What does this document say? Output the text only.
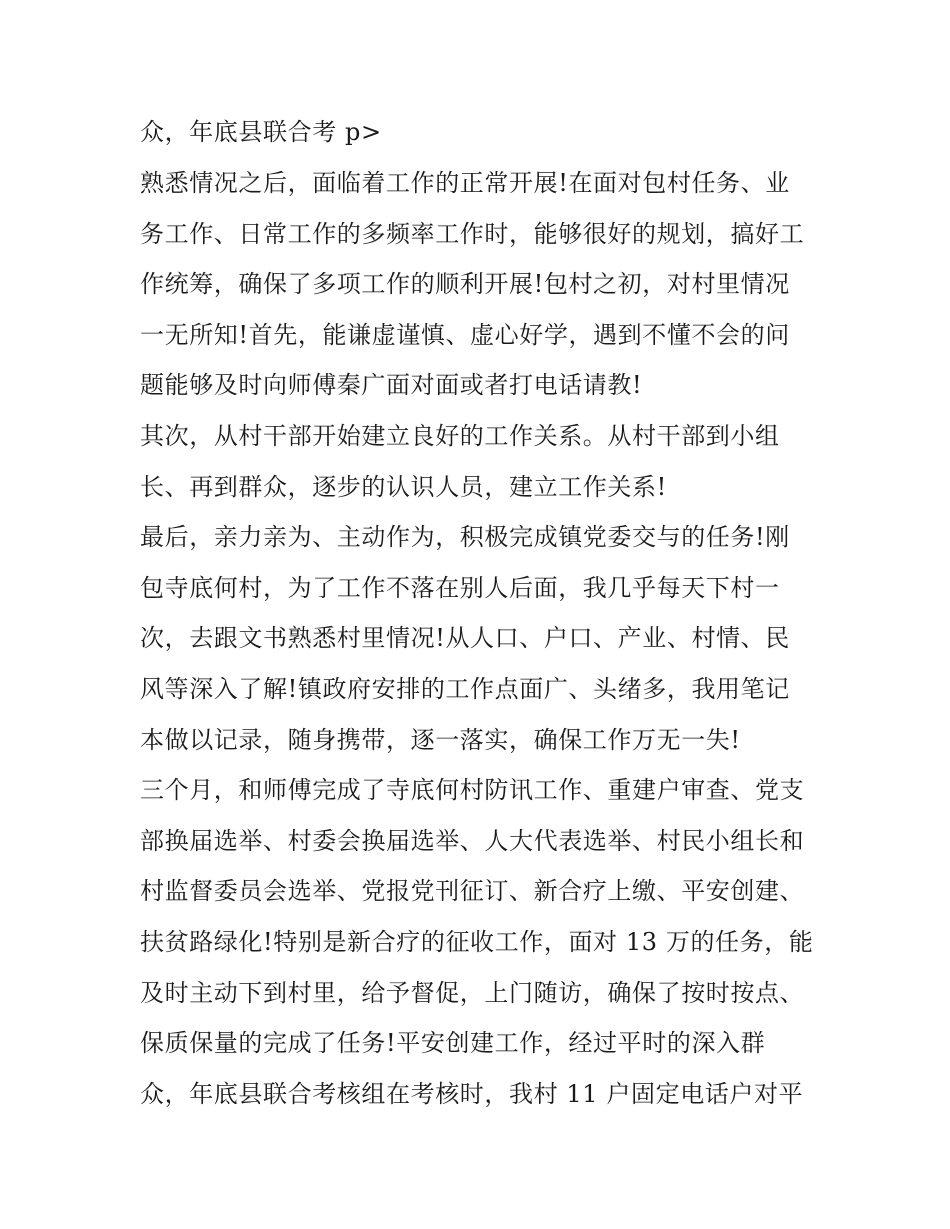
众，年底县联合考 p>
熟悉情况之后，面临着工作的正常开展!在面对包村任务、业
务工作、日常工作的多频率工作时，能够很好的规划，搞好工
作统筹，确保了多项工作的顺利开展!包村之初，对村里情况
一无所知!首先，能谦虚谨慎、虚心好学，遇到不懂不会的问
题能够及时向师傅秦广面对面或者打电话请教!
其次，从村干部开始建立良好的工作关系。从村干部到小组
长、再到群众，逐步的认识人员，建立工作关系!
最后，亲力亲为、主动作为，积极完成镇党委交与的任务!刚
包寺底何村，为了工作不落在别人后面，我几乎每天下村一
次，去跟文书熟悉村里情况!从人口、户口、产业、村情、民
风等深入了解!镇政府安排的工作点面广、头绪多，我用笔记
本做以记录，随身携带，逐一落实，确保工作万无一失!
三个月，和师傅完成了寺底何村防讯工作、重建户审查、党支
部换届选举、村委会换届选举、人大代表选举、村民小组长和
村监督委员会选举、党报党刊征订、新合疗上缴、平安创建、
扶贫路绿化!特别是新合疗的征收工作，面对 13 万的任务，能
及时主动下到村里，给予督促，上门随访，确保了按时按点、
保质保量的完成了任务!平安创建工作，经过平时的深入群
众，年底县联合考核组在考核时，我村 11 户固定电话户对平
